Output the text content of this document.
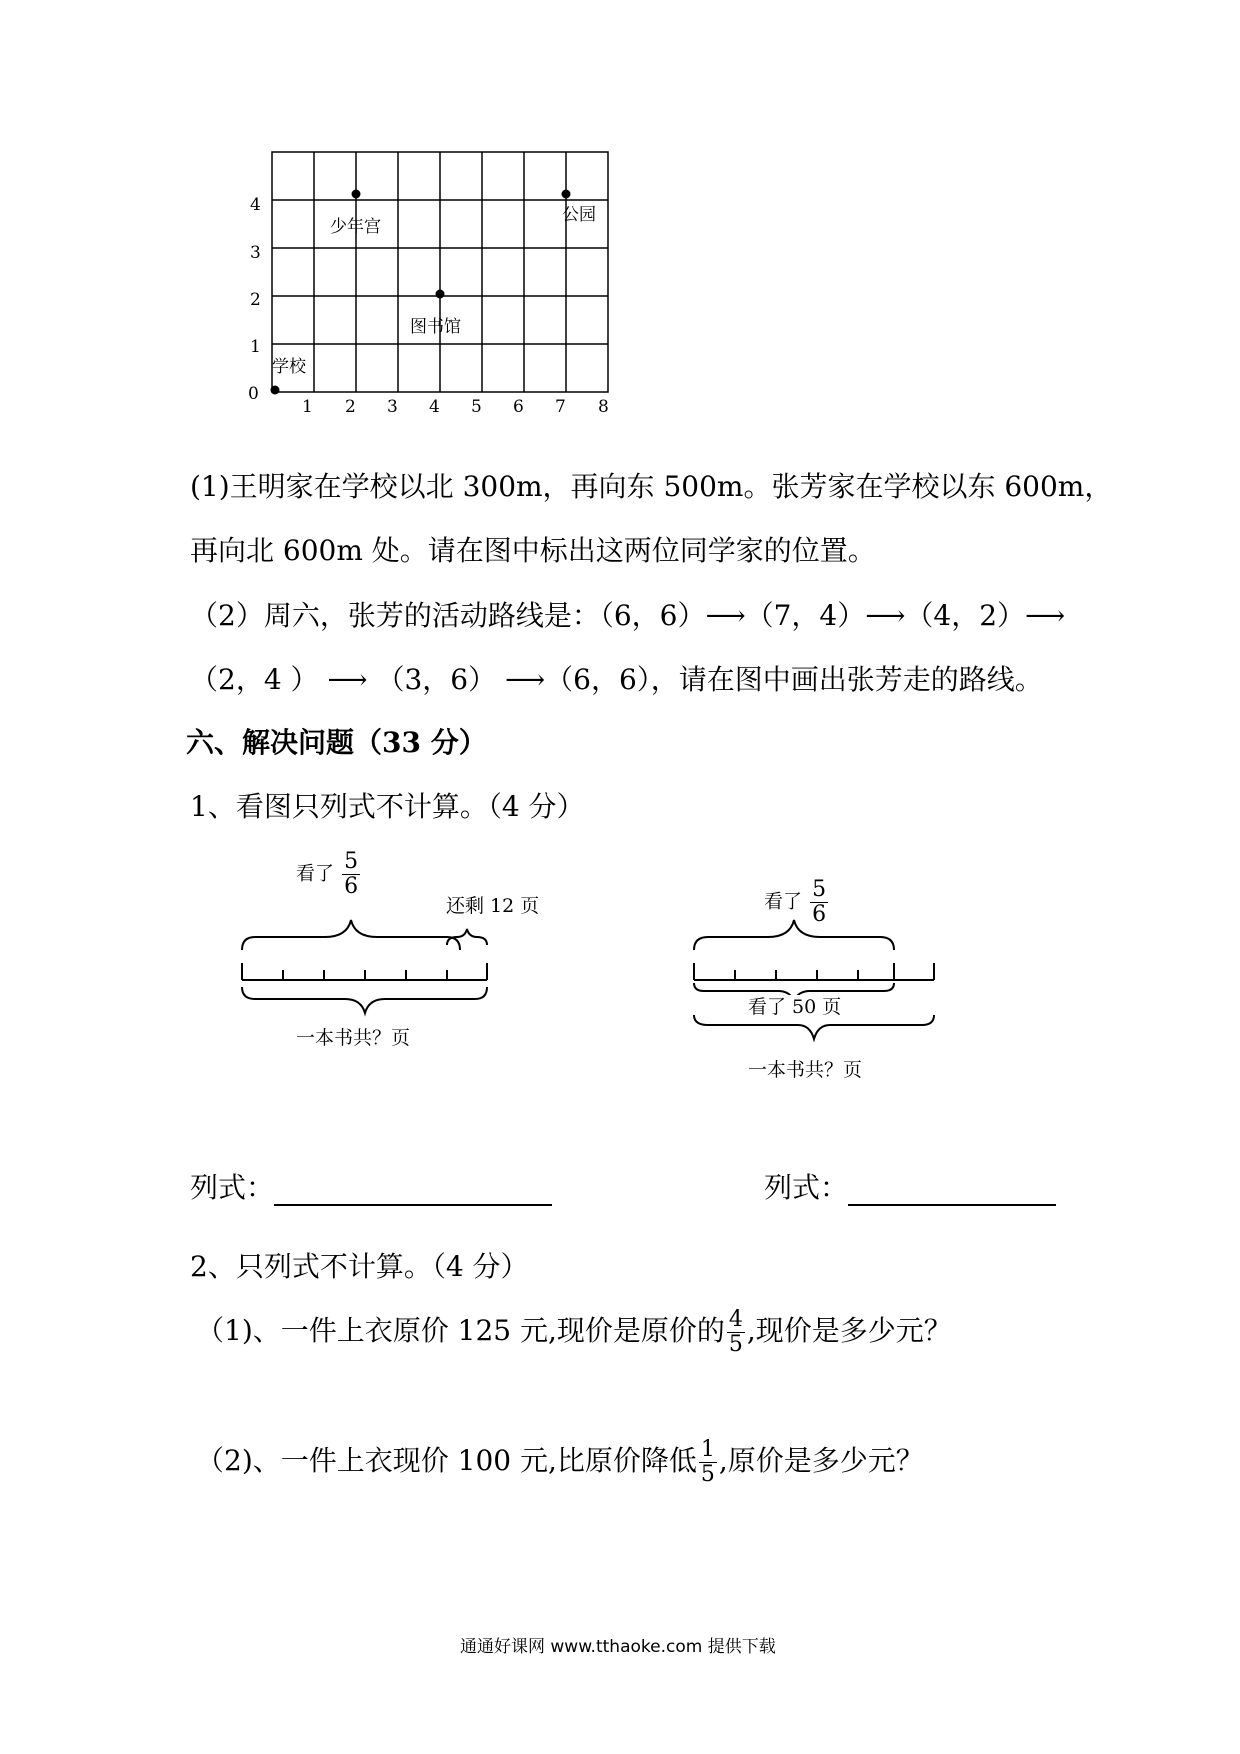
0
1
2
3
4
1 2 3 4 5 6 7 8
学校
少年宫
图书馆
公园
(1)王明家在学校以北 300m，再向东 500m。张芳家在学校以东 600m，
再向北 600m 处。请在图中标出这两位同学家的位置。
（2）周六，张芳的活动路线是：（6，6）⟶（7，4）⟶（4，2）⟶
（2，4 ） ⟶ （3，6） ⟶（6，6），请在图中画出张芳走的路线。
六、解决问题（33 分）
1、看图只列式不计算。（4 分）
看了 $\frac{5}{6}$
还剩 12 页
一本书共？页
看了 $\frac{5}{6}$
看了 50 页
一本书共？页
列式：	列式：
2、只列式不计算。（4 分）
（1)、一件上衣原价 125 元,现价是原价的 $\frac{4}{5}$ ,现价是多少元？
（2)、一件上衣现价 100 元,比原价降低 $\frac{1}{5}$ ,原价是多少元？
通通好课网 www.tthaoke.com 提供下载
